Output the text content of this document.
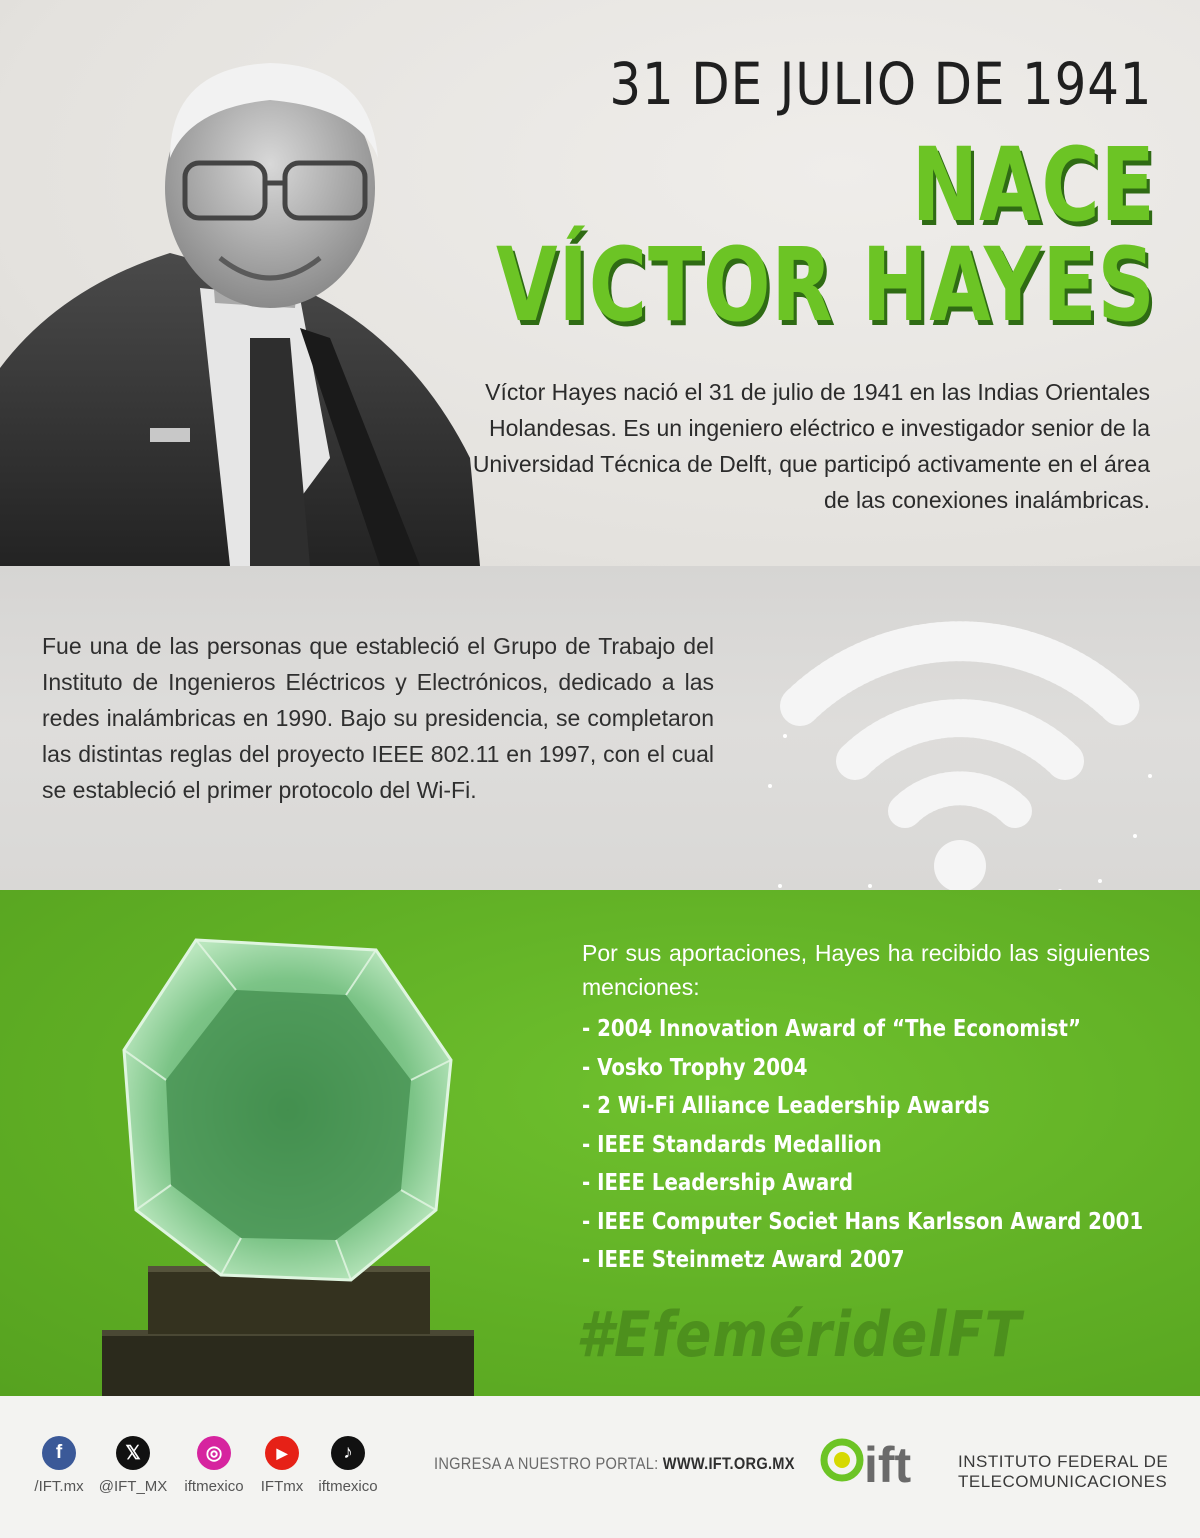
31 DE JULIO DE 1941
NACE
VÍCTOR HAYES

Víctor Hayes nació el 31 de julio de 1941 en las Indias Orientales Holandesas. Es un ingeniero eléctrico e investigador senior de la Universidad Técnica de Delft, que participó activamente en el área de las conexiones inalámbricas.

Fue una de las personas que estableció el Grupo de Trabajo del Instituto de Ingenieros Eléctricos y Electrónicos, dedicado a las redes inalámbricas en 1990. Bajo su presidencia, se completaron las distintas reglas del proyecto IEEE 802.11 en 1997, con el cual se estableció el primer protocolo del Wi-Fi.

Por sus aportaciones, Hayes ha recibido las siguientes menciones:

- 2004 Innovation Award of “The Economist”
- Vosko Trophy 2004
- 2 Wi-Fi Alliance Leadership Awards
- IEEE Standards Medallion
- IEEE Leadership Award
- IEEE Computer Societ Hans Karlsson Award 2001
- IEEE Steinmetz Award 2007
#EfeméridelFT
f
/IFT.mx
𝕏
@IFT_MX
◎
iftmexico
▶
IFTmx
♪
iftmexico
INGRESA A NUESTRO PORTAL: WWW.IFT.ORG.MX ift	INSTITUTO FEDERAL DE
TELECOMUNICACIONES
